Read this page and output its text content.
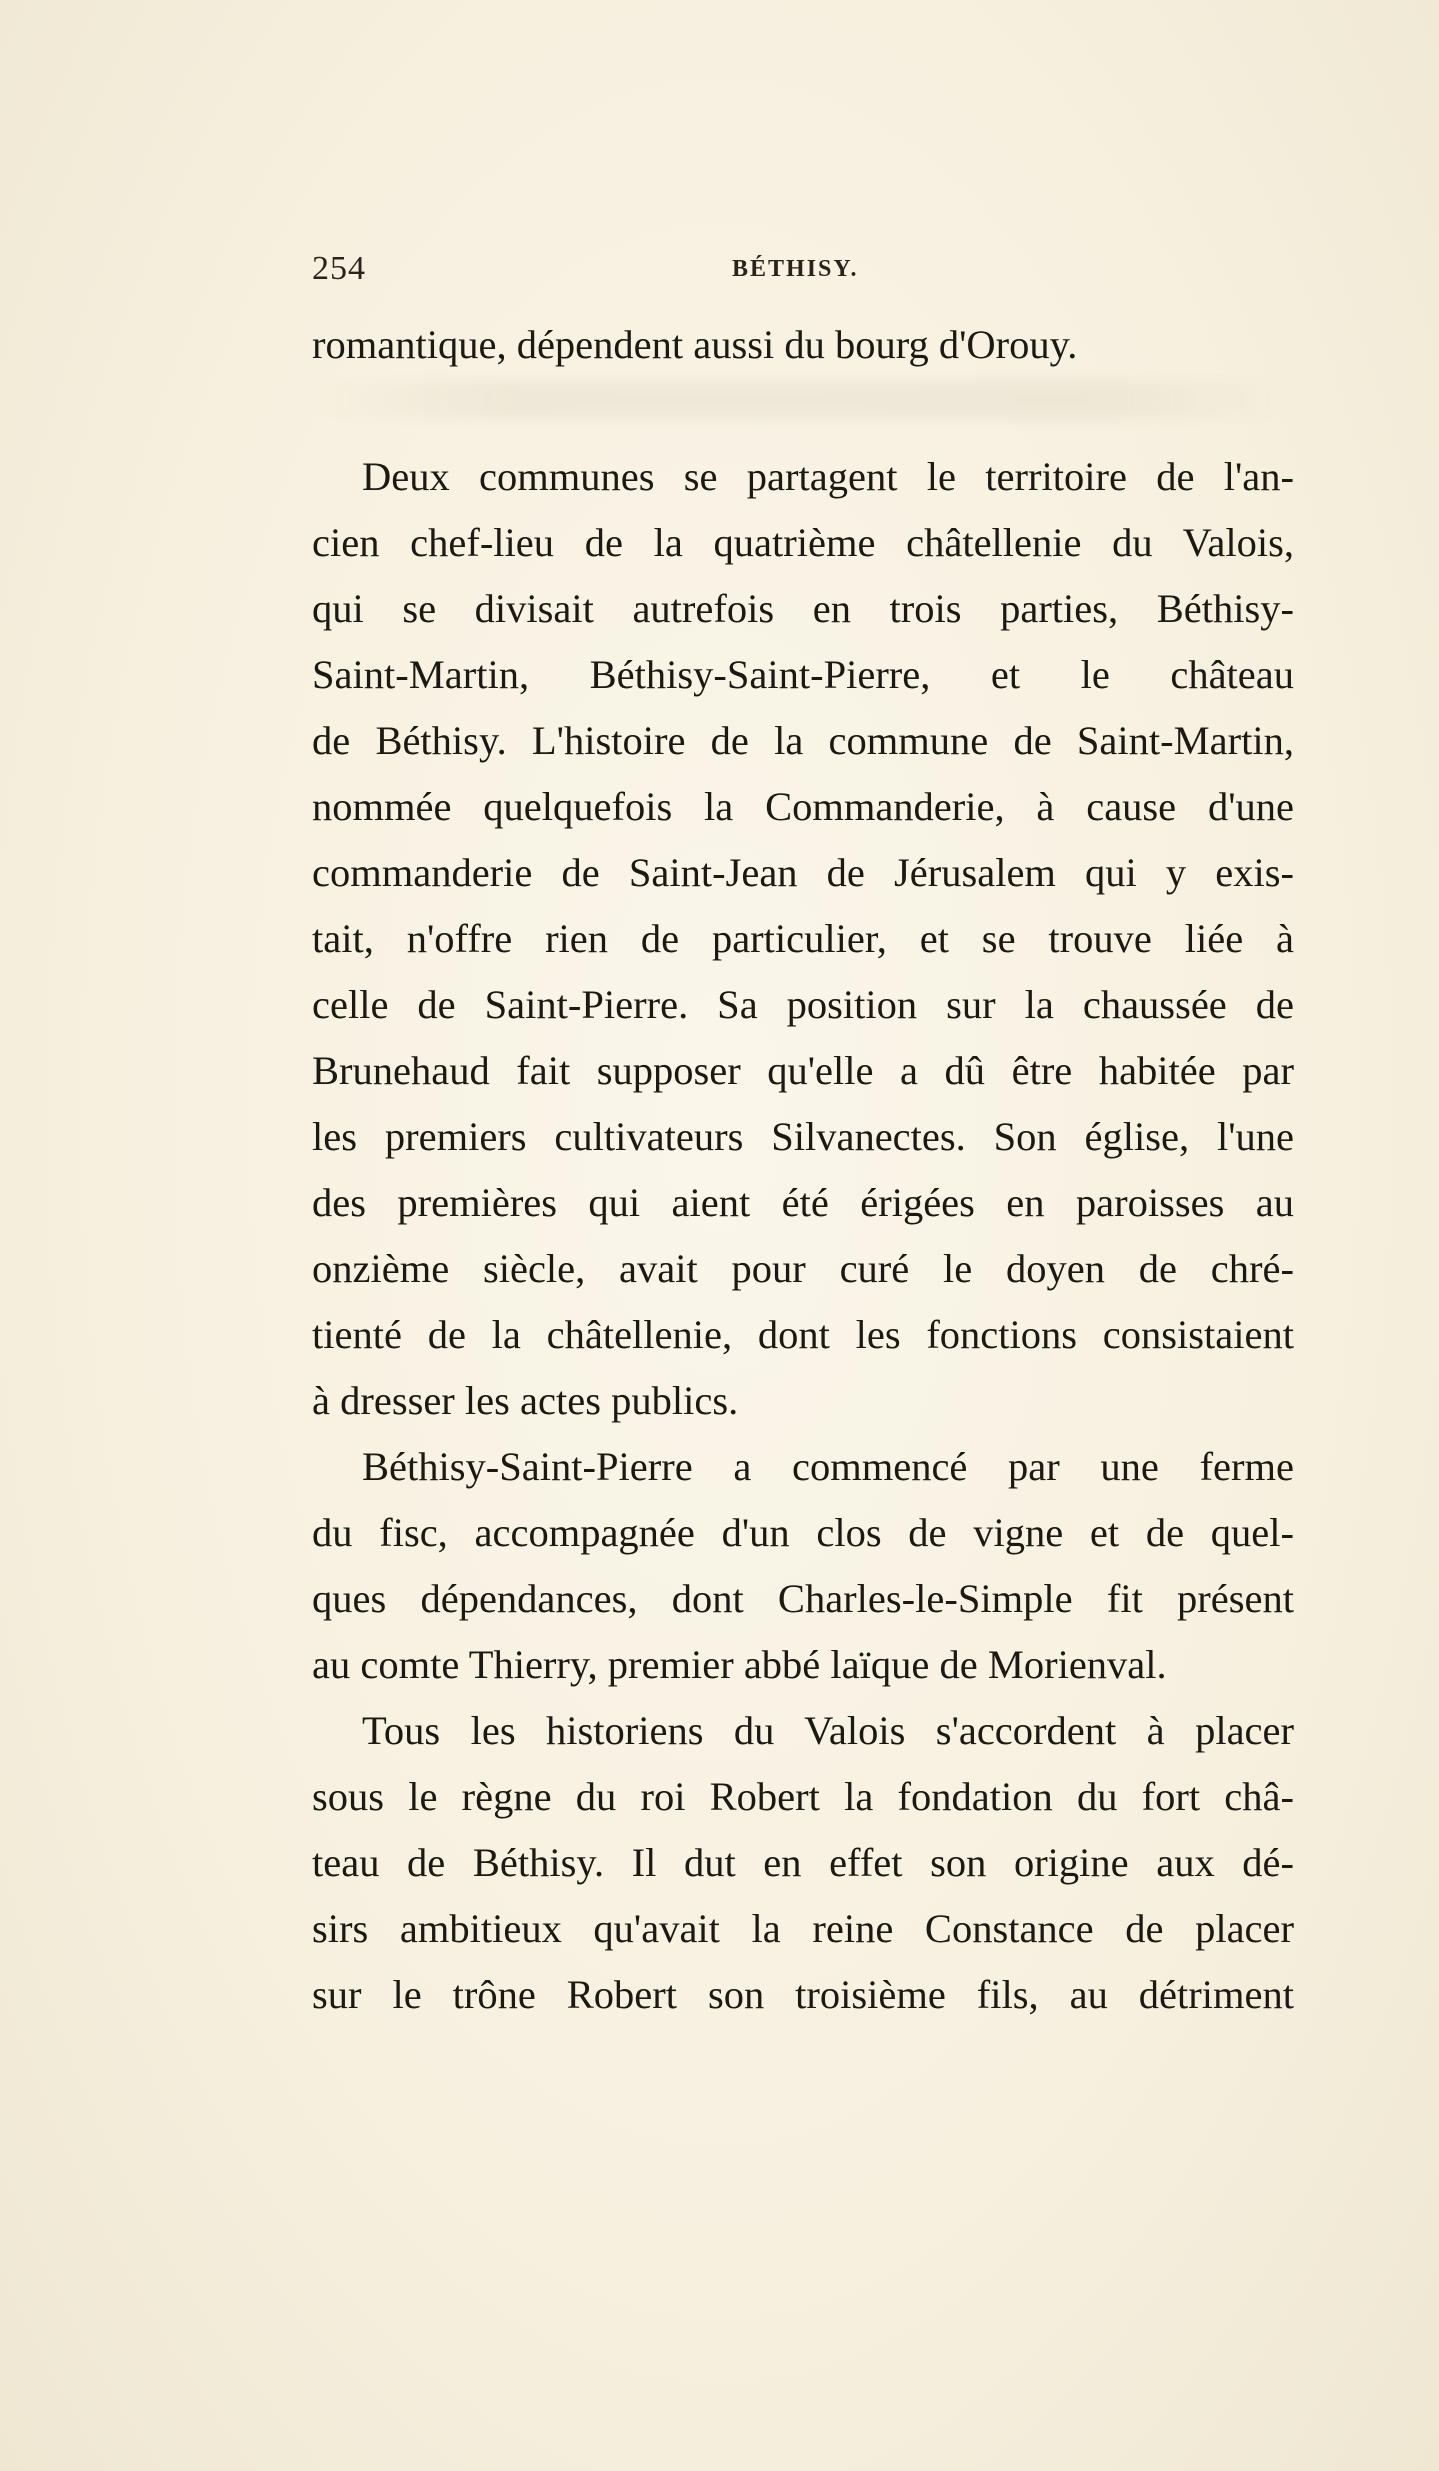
254	BÉTHISY.
romantique, dépendent aussi du bourg d'Orouy.
Deux communes se partagent le territoire de l'an-
cien chef-lieu de la quatrième châtellenie du Valois,
qui se divisait autrefois en trois parties, Béthisy-
Saint-Martin, Béthisy-Saint-Pierre, et le château
de Béthisy. L'histoire de la commune de Saint-Martin,
nommée quelquefois la Commanderie, à cause d'une
commanderie de Saint-Jean de Jérusalem qui y exis-
tait, n'offre rien de particulier, et se trouve liée à
celle de Saint-Pierre. Sa position sur la chaussée de
Brunehaud fait supposer qu'elle a dû être habitée par
les premiers cultivateurs Silvanectes. Son église, l'une
des premières qui aient été érigées en paroisses au
onzième siècle, avait pour curé le doyen de chré-
tienté de la châtellenie, dont les fonctions consistaient
à dresser les actes publics.
Béthisy-Saint-Pierre a commencé par une ferme
du fisc, accompagnée d'un clos de vigne et de quel-
ques dépendances, dont Charles-le-Simple fit présent
au comte Thierry, premier abbé laïque de Morienval.
Tous les historiens du Valois s'accordent à placer
sous le règne du roi Robert la fondation du fort châ-
teau de Béthisy. Il dut en effet son origine aux dé-
sirs ambitieux qu'avait la reine Constance de placer
sur le trône Robert son troisième fils, au détriment
